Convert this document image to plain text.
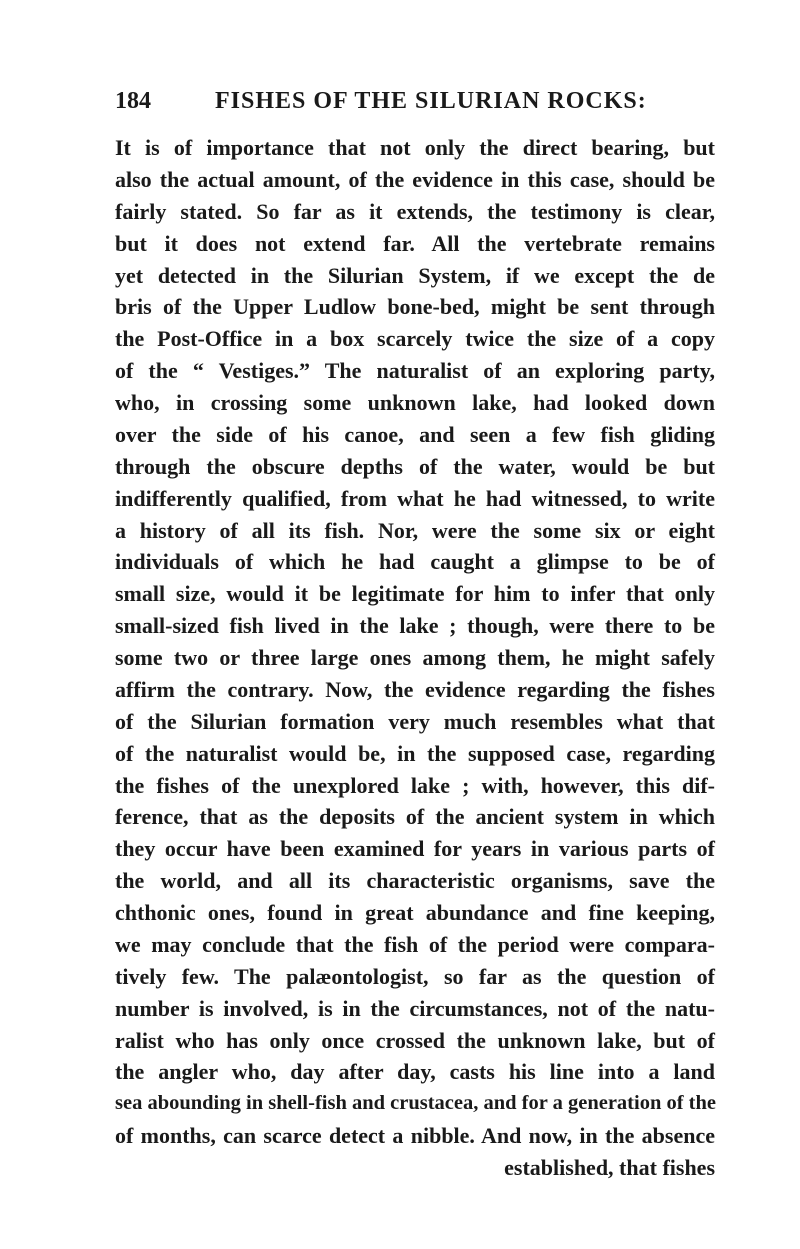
184	FISHES OF THE SILURIAN ROCKS:
It is of importance that not only the direct bearing, but
also the actual amount, of the evidence in this case, should be
fairly stated. So far as it extends, the testimony is clear,
but it does not extend far. All the vertebrate remains
yet detected in the Silurian System, if we except the de
bris of the Upper Ludlow bone-bed, might be sent through
the Post-Office in a box scarcely twice the size of a copy
of the “ Vestiges.” The naturalist of an exploring party,
who, in crossing some unknown lake, had looked down
over the side of his canoe, and seen a few fish gliding
through the obscure depths of the water, would be but
indifferently qualified, from what he had witnessed, to write
a history of all its fish. Nor, were the some six or eight
individuals of which he had caught a glimpse to be of
small size, would it be legitimate for him to infer that only
small-sized fish lived in the lake ; though, were there to be
some two or three large ones among them, he might safely
affirm the contrary. Now, the evidence regarding the fishes
of the Silurian formation very much resembles what that
of the naturalist would be, in the supposed case, regarding
the fishes of the unexplored lake ; with, however, this dif-
ference, that as the deposits of the ancient system in which
they occur have been examined for years in various parts of
the world, and all its characteristic organisms, save the
chthonic ones, found in great abundance and fine keeping,
we may conclude that the fish of the period were compara-
tively few. The palæontologist, so far as the question of
number is involved, is in the circumstances, not of the natu-
ralist who has only once crossed the unknown lake, but of
the angler who, day after day, casts his line into a land
sea abounding in shell-fish and crustacea, and for a generation of the
of months, can scarce detect a nibble. And now, in the absence
established, that fishes
